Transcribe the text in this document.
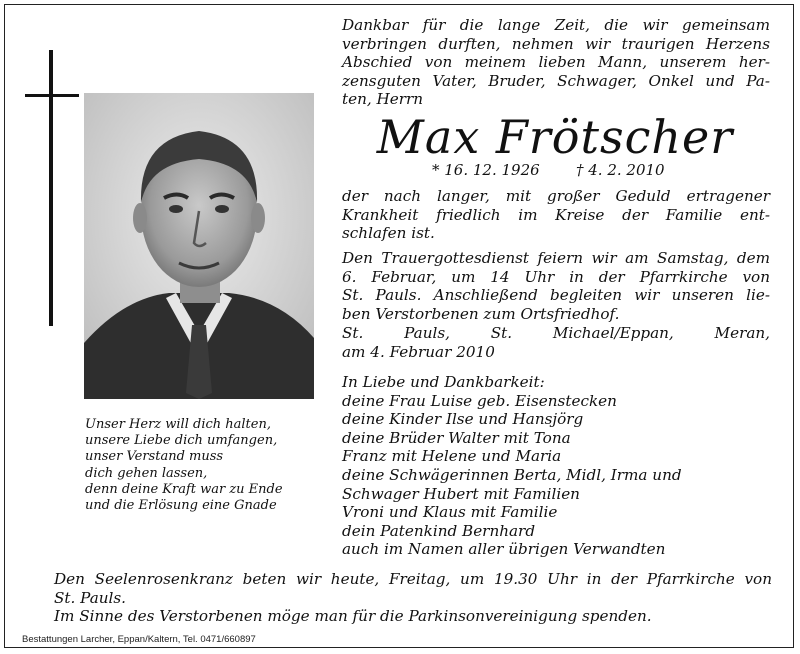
Unser Herz will dich halten,
unsere Liebe dich umfangen,
unser Verstand muss
dich gehen lassen,
denn deine Kraft war zu Ende
und die Erlösung eine Gnade
Dankbar für die lange Zeit, die wir gemeinsam
verbringen durften, nehmen wir traurigen Herzens
Abschied von meinem lieben Mann, unserem her-
zensguten Vater, Bruder, Schwager, Onkel und Pa-
ten, Herrn
Max Frötscher
* 16. 12. 1926 † 4. 2. 2010
der nach langer, mit großer Geduld ertragener
Krankheit friedlich im Kreise der Familie ent-
schlafen ist.
Den Trauergottesdienst feiern wir am Samstag, dem
6. Februar, um 14 Uhr in der Pfarrkirche von
St. Pauls. Anschließend begleiten wir unseren lie-
ben Verstorbenen zum Ortsfriedhof.
St. Pauls, St. Michael/Eppan, Meran,
am 4. Februar 2010
In Liebe und Dankbarkeit:
deine Frau Luise geb. Eisenstecken
deine Kinder Ilse und Hansjörg
deine Brüder Walter mit Tona
Franz mit Helene und Maria
deine Schwägerinnen Berta, Midl, Irma und
Schwager Hubert mit Familien
Vroni und Klaus mit Familie
dein Patenkind Bernhard
auch im Namen aller übrigen Verwandten
Den Seelenrosenkranz beten wir heute, Freitag, um 19.30 Uhr in der Pfarrkirche von
St. Pauls.
Im Sinne des Verstorbenen möge man für die Parkinsonvereinigung spenden.
Bestattungen Larcher, Eppan/Kaltern, Tel. 0471/660897
